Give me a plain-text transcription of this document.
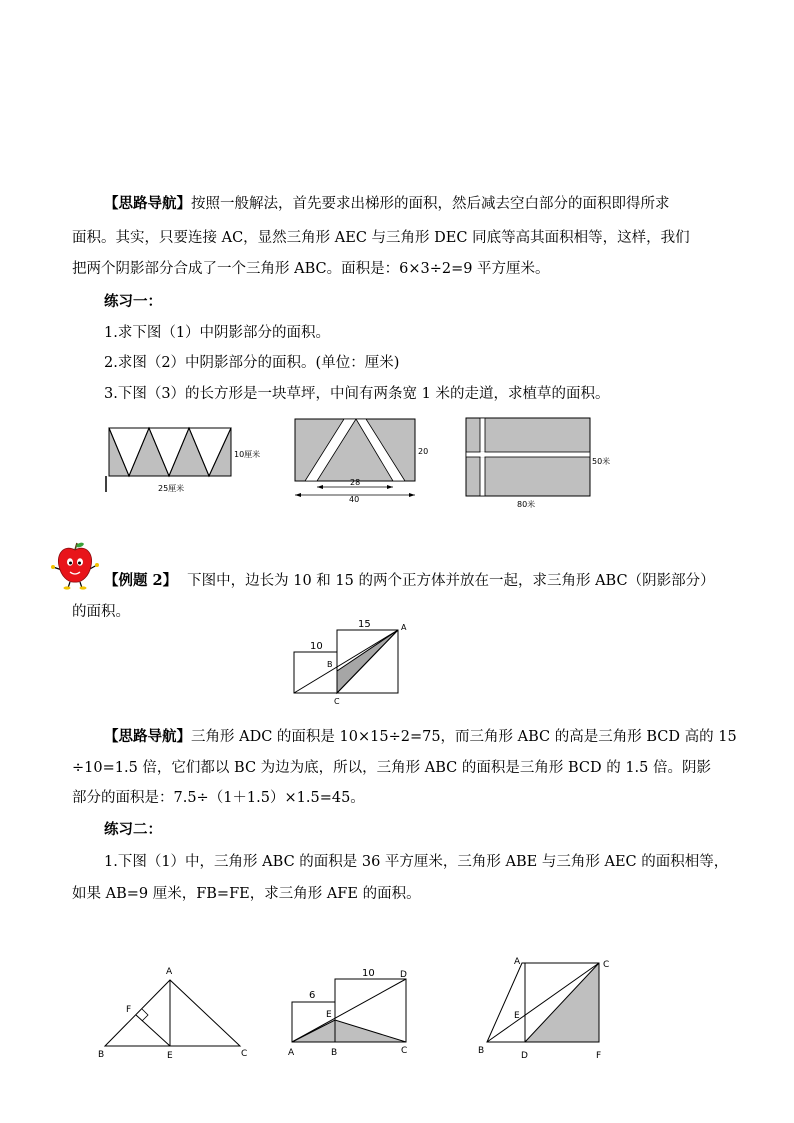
【思路导航】按照一般解法，首先要求出梯形的面积，然后减去空白部分的面积即得所求
面积。其实，只要连接 AC，显然三角形 AEC 与三角形 DEC 同底等高其面积相等，这样，我们
把两个阴影部分合成了一个三角形 ABC。面积是：6×3÷2=9 平方厘米。
练习一：
1.求下图（1）中阴影部分的面积。
2.求图（2）中阴影部分的面积。(单位：厘米)
3.下图（3）的长方形是一块草坪，中间有两条宽 1 米的走道，求植草的面积。
10厘米
25厘米
20
28
40
50米
80米
【例题 2】 下图中，边长为 10 和 15 的两个正方体并放在一起，求三角形 ABC（阴影部分）
的面积。
10
15	A
B
C
【思路导航】三角形 ADC 的面积是 10×15÷2=75，而三角形 ABC 的高是三角形 BCD 高的 15
÷10=1.5 倍，它们都以 BC 为边为底，所以，三角形 ABC 的面积是三角形 BCD 的 1.5 倍。阴影
部分的面积是：7.5÷（1＋1.5）×1.5=45。
练习二：
1.下图（1）中，三角形 ABC 的面积是 36 平方厘米，三角形 ABE 与三角形 AEC 的面积相等，
如果 AB=9 厘米，FB=FE，求三角形 AFE 的面积。
A
B	C
E
F
6
10
A	B	C
D
E
A
B
C
D
E
F
